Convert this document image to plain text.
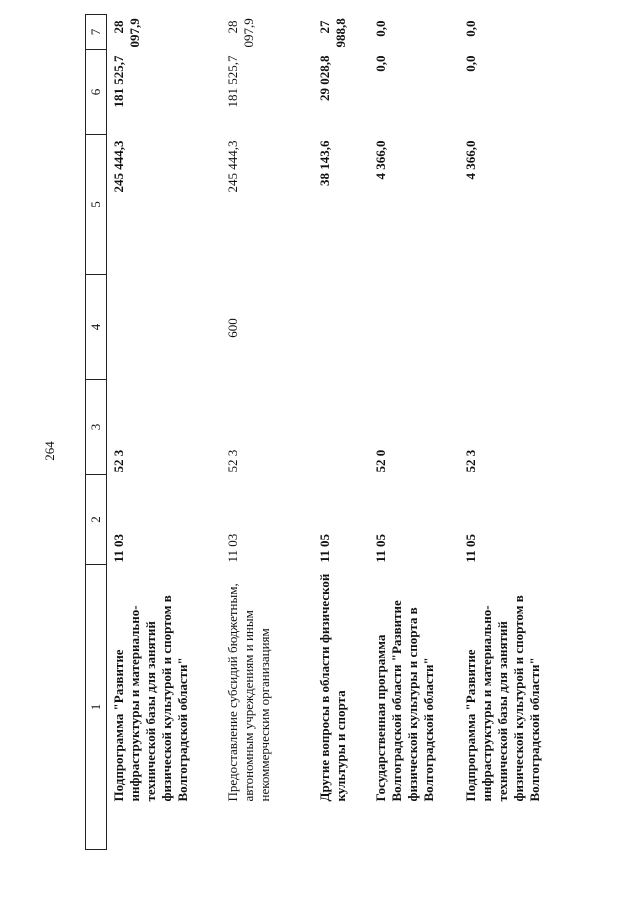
264
1	2	3	4	5	6	7
Подпрограмма "Развитие инфраструктуры и материально-технической базы для занятий физической культурой и спортом в Волгоградской области"	11 03	52 3		245 444,3	181 525,7	28 097,9
Предоставление субсидий бюджетным, автономным учреждениям и иным некоммерческим организациям	11 03	52 3	600	245 444,3	181 525,7	28 097,9
Другие вопросы в области физической культуры и спорта	11 05			38 143,6	29 028,8	27 988,8
Государственная программа Волгоградской области "Развитие физической культуры и спорта в Волгоградской области"	11 05	52 0		4 366,0	0,0	0,0
Подпрограмма "Развитие инфраструктуры и материально-технической базы для занятий физической культурой и спортом в Волгоградской области"	11 05	52 3		4 366,0	0,0	0,0
